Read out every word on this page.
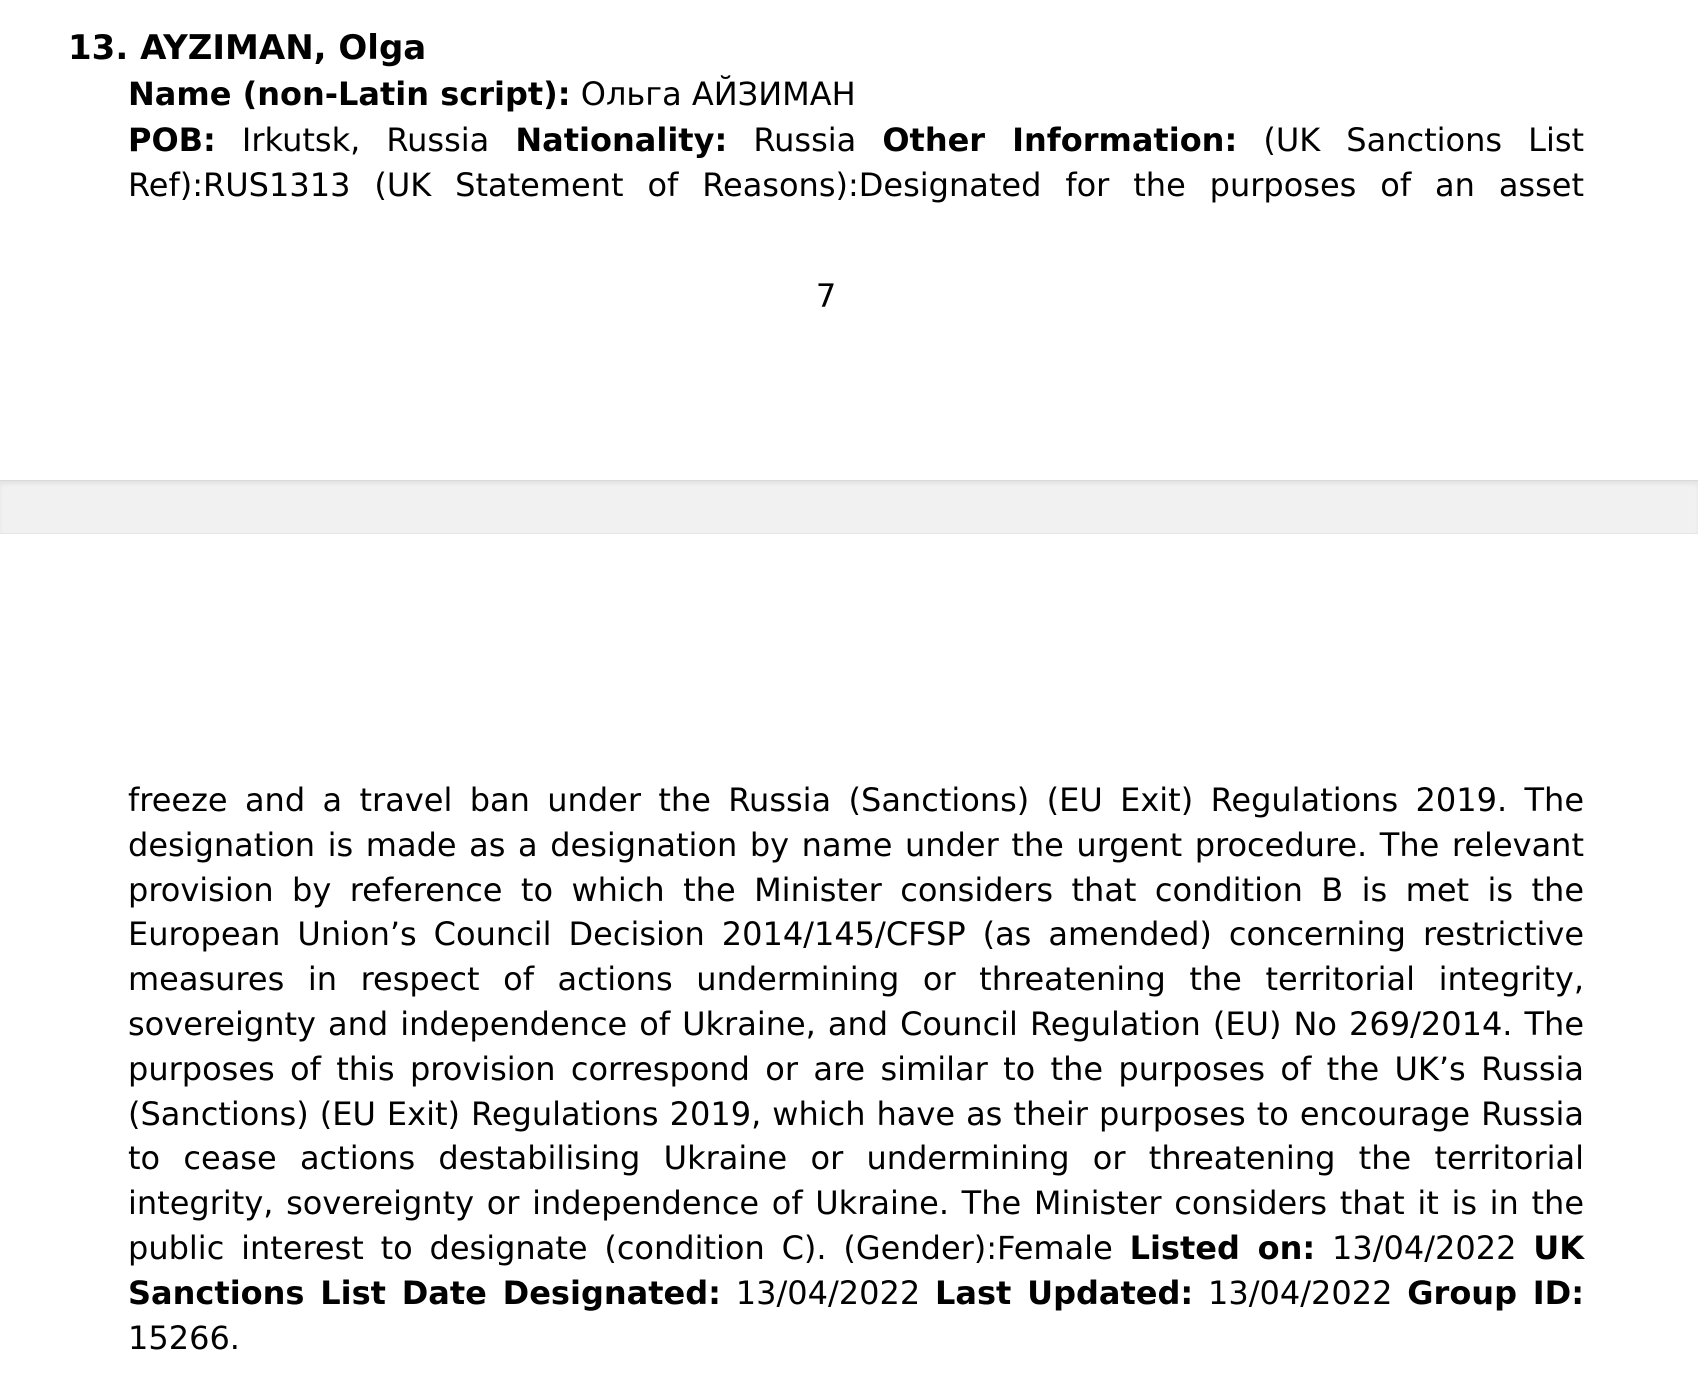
13. AYZIMAN, Olga
Name (non-Latin script): Ольга АЙЗИМАН
POB: Irkutsk, Russia Nationality: Russia Other Information: (UK Sanctions List Ref):RUS1313 (UK Statement of Reasons):Designated for the purposes of an asset
7
freeze and a travel ban under the Russia (Sanctions) (EU Exit) Regulations 2019. The designation is made as a designation by name under the urgent procedure. The relevant provision by reference to which the Minister considers that condition B is met is the European Union’s Council Decision 2014/145/CFSP (as amended) concerning restrictive measures in respect of actions undermining or threatening the territorial integrity, sovereignty and independence of Ukraine, and Council Regulation (EU) No 269/2014. The purposes of this provision correspond or are similar to the purposes of the UK’s Russia (Sanctions) (EU Exit) Regulations 2019, which have as their purposes to encourage Russia to cease actions destabilising Ukraine or undermining or threatening the territorial integrity, sovereignty or independence of Ukraine. The Minister considers that it is in the public interest to designate (condition C). (Gender):Female Listed on: 13/04/2022 UK Sanctions List Date Designated: 13/04/2022 Last Updated: 13/04/2022 Group ID: 15266.
